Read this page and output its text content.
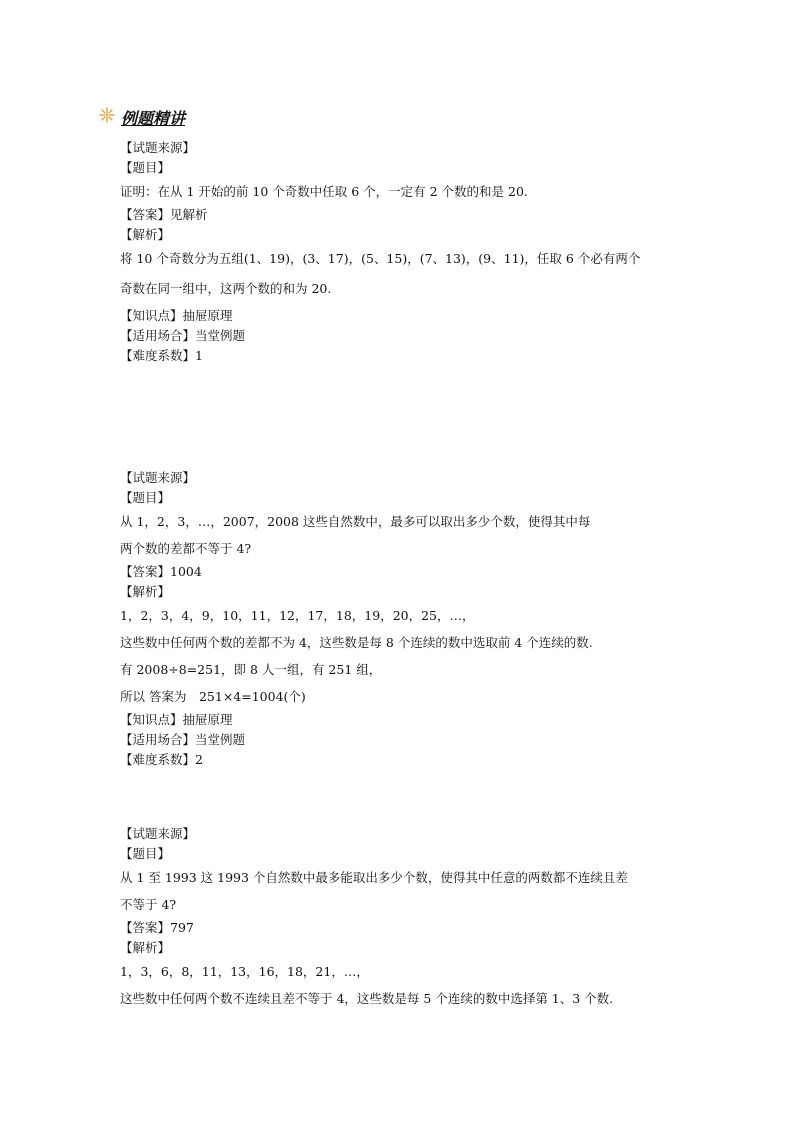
例题精讲
【试题来源】
【题目】
证明：在从 1 开始的前 10 个奇数中任取 6 个，一定有 2 个数的和是 20.
【答案】见解析
【解析】
将 10 个奇数分为五组(1、19)，(3、17)，(5、15)，(7、13)，(9、11)，任取 6 个必有两个
奇数在同一组中，这两个数的和为 20.
【知识点】抽屉原理
【适用场合】当堂例题
【难度系数】1
【试题来源】
【题目】
从 1，2，3，…，2007，2008 这些自然数中，最多可以取出多少个数，使得其中每
两个数的差都不等于 4?
【答案】1004
【解析】
1，2，3，4，9，10，11，12，17，18，19，20，25，…，
这些数中任何两个数的差都不为 4，这些数是每 8 个连续的数中选取前 4 个连续的数.
有 2008÷8=251，即 8 人一组，有 251 组，
所以 答案为　251×4=1004(个)
【知识点】抽屉原理
【适用场合】当堂例题
【难度系数】2
【试题来源】
【题目】
从 1 至 1993 这 1993 个自然数中最多能取出多少个数，使得其中任意的两数都不连续且差
不等于 4?
【答案】797
【解析】
1，3，6，8，11，13，16，18，21，…，
这些数中任何两个数不连续且差不等于 4，这些数是每 5 个连续的数中选择第 1、3 个数.
